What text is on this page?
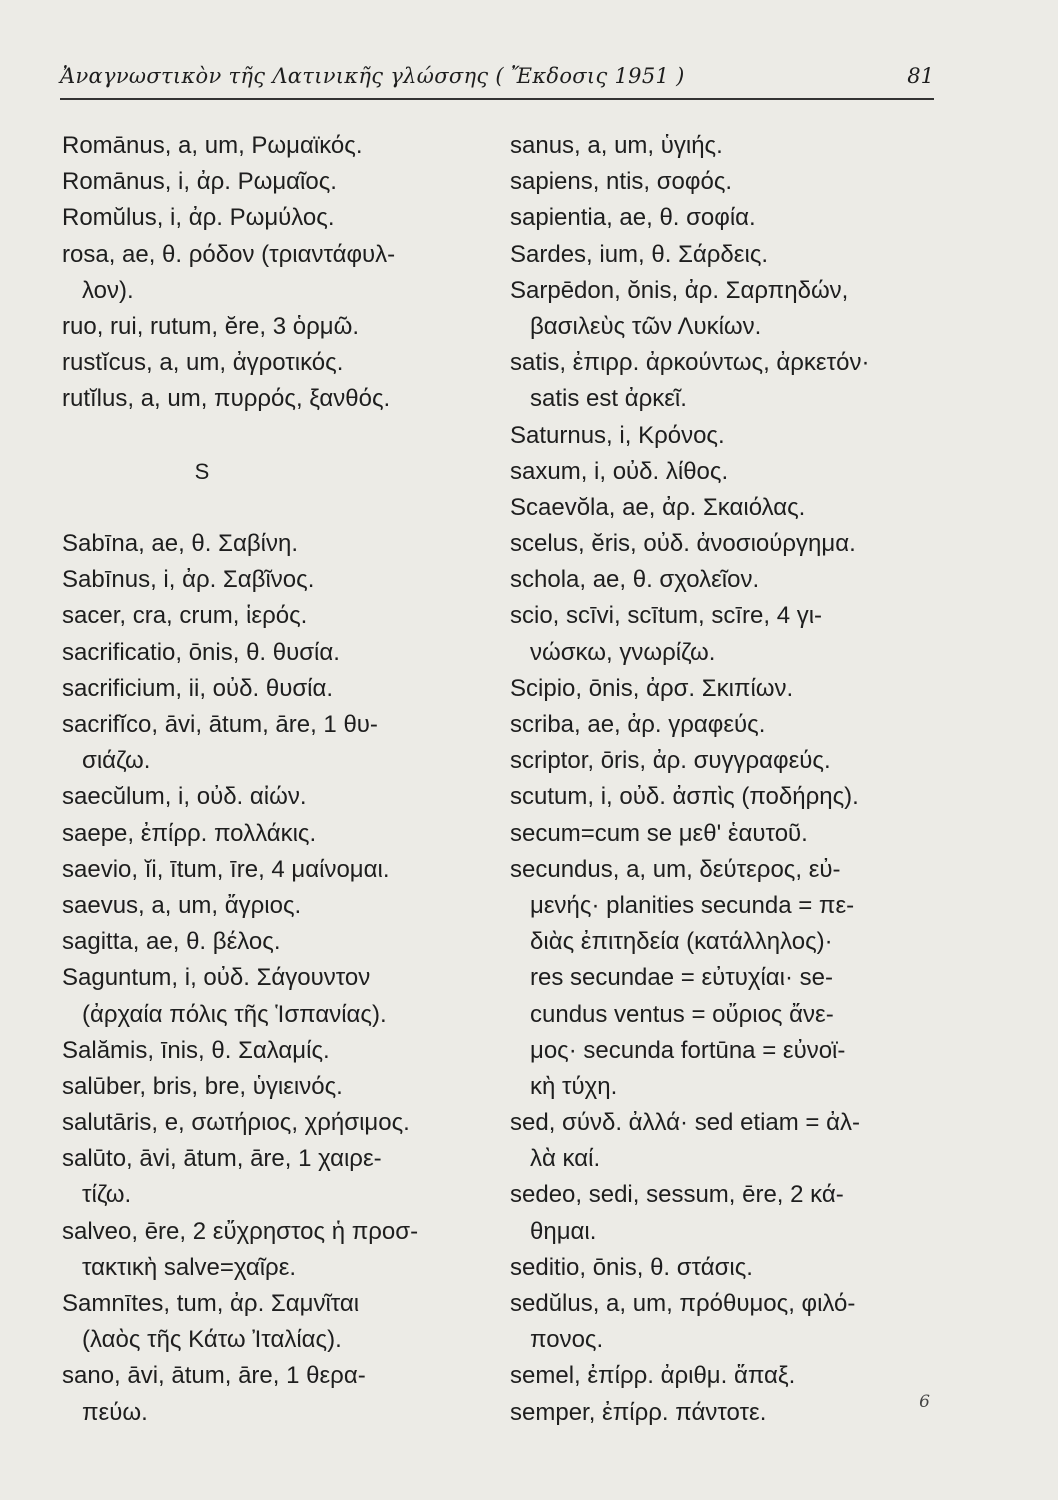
Ἀναγνωστικὸν τῆς Λατινικῆς γλώσσης ( Ἔκδοσις 1951 )	81
Romānus, a, um, Ρωμαϊκός.
Romānus, i, ἀρ. Ρωμαῖος.
Romŭlus, i, ἀρ. Ρωμύλος.
rosa, ae, θ. ρόδον (τριαντάφυλ-
λον).
ruo, rui, rutum, ĕre, 3 ὁρμῶ.
rustĭcus, a, um, ἀγροτικός.
rutĭlus, a, um, πυρρός, ξανθός.
S
Sabīna, ae, θ. Σαβίνη.
Sabīnus, i, ἀρ. Σαβῖνος.
sacer, cra, crum, ἱερός.
sacrificatio, ōnis, θ. θυσία.
sacrificium, ii, οὐδ. θυσία.
sacrifĭco, āvi, ātum, āre, 1 θυ-
σιάζω.
saecŭlum, i, οὐδ. αἰών.
saepe, ἐπίρρ. πολλάκις.
saevio, ĭi, ītum, īre, 4 μαίνομαι.
saevus, a, um, ἄγριος.
sagitta, ae, θ. βέλος.
Saguntum, i, οὐδ. Σάγουντον
(ἀρχαία πόλις τῆς Ἱσπανίας).
Salămis, īnis, θ. Σαλαμίς.
salūber, bris, bre, ὑγιεινός.
salutāris, e, σωτήριος, χρήσιμος.
salūto, āvi, ātum, āre, 1 χαιρε-
τίζω.
salveo, ēre, 2 εὔχρηστος ἡ προσ-
τακτικὴ salve=χαῖρε.
Samnītes, tum, ἀρ. Σαμνῖται
(λαὸς τῆς Κάτω Ἰταλίας).
sano, āvi, ātum, āre, 1 θερα-
πεύω.
sanus, a, um, ὑγιής.
sapiens, ntis, σοφός.
sapientia, ae, θ. σοφία.
Sardes, ium, θ. Σάρδεις.
Sarpēdon, ŏnis, ἀρ. Σαρπηδών,
βασιλεὺς τῶν Λυκίων.
satis, ἐπιρρ. ἀρκούντως, ἀρκετόν·
satis est ἀρκεῖ.
Saturnus, i, Κρόνος.
saxum, i, οὐδ. λίθος.
Scaevŏla, ae, ἀρ. Σκαιόλας.
scelus, ĕris, οὐδ. ἀνοσιούργημα.
schola, ae, θ. σχολεῖον.
scio, scīvi, scītum, scīre, 4 γι-
νώσκω, γνωρίζω.
Scipio, ōnis, ἀρσ. Σκιπίων.
scriba, ae, ἀρ. γραφεύς.
scriptor, ōris, ἀρ. συγγραφεύς.
scutum, i, οὐδ. ἀσπὶς (ποδήρης).
secum=cum se μεθ' ἑαυτοῦ.
secundus, a, um, δεύτερος, εὐ-
μενής· planities secunda = πε-
διὰς ἐπιτηδεία (κατάλληλος)·
res secundae = εὐτυχίαι· se-
cundus ventus = οὔριος ἄνε-
μος· secunda fortūna = εὐνοϊ-
κὴ τύχη.
sed, σύνδ. ἀλλά· sed etiam = ἀλ-
λὰ καί.
sedeo, sedi, sessum, ēre, 2 κά-
θημαι.
seditio, ōnis, θ. στάσις.
sedŭlus, a, um, πρόθυμος, φιλό-
πονος.
semel, ἐπίρρ. ἀριθμ. ἅπαξ.
semper, ἐπίρρ. πάντοτε.	6
